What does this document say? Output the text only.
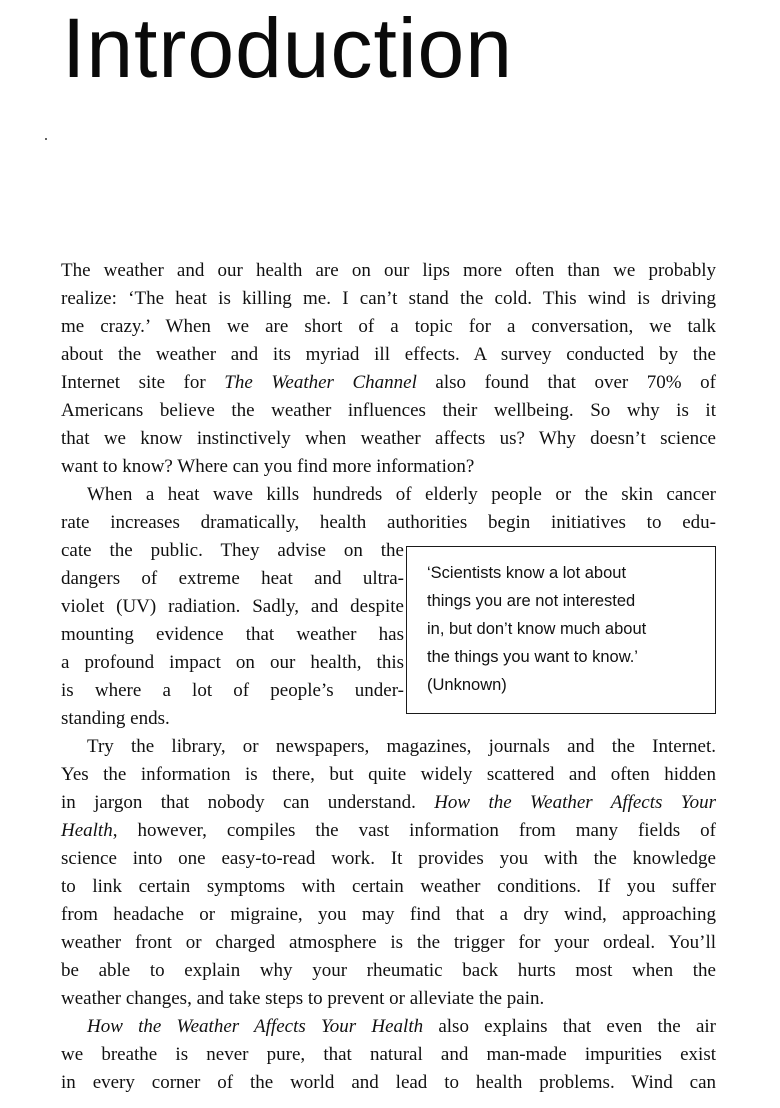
Introduction
The weather and our health are on our lips more often than we probably
realize: ‘The heat is killing me. I can’t stand the cold. This wind is driving
me crazy.’ When we are short of a topic for a conversation, we talk
about the weather and its myriad ill effects. A survey conducted by the
Internet site for The Weather Channel also found that over 70% of
Americans believe the weather influences their wellbeing. So why is it
that we know instinctively when weather affects us? Why doesn’t science
want to know? Where can you find more information?
When a heat wave kills hundreds of elderly people or the skin cancer
rate increases dramatically, health authorities begin initiatives to edu-
cate the public. They advise on the
dangers of extreme heat and ultra-
violet (UV) radiation. Sadly, and despite
mounting evidence that weather has
a profound impact on our health, this
is where a lot of people’s under-
standing ends.
‘Scientists know a lot about
things you are not interested
in, but don’t know much about
the things you want to know.’
(Unknown)
Try the library, or newspapers, magazines, journals and the Internet.
Yes the information is there, but quite widely scattered and often hidden
in jargon that nobody can understand. How the Weather Affects Your
Health, however, compiles the vast information from many fields of
science into one easy-to-read work. It provides you with the knowledge
to link certain symptoms with certain weather conditions. If you suffer
from headache or migraine, you may find that a dry wind, approaching
weather front or charged atmosphere is the trigger for your ordeal. You’ll
be able to explain why your rheumatic back hurts most when the
weather changes, and take steps to prevent or alleviate the pain.
How the Weather Affects Your Health also explains that even the air
we breathe is never pure, that natural and man-made impurities exist
in every corner of the world and lead to health problems. Wind can
